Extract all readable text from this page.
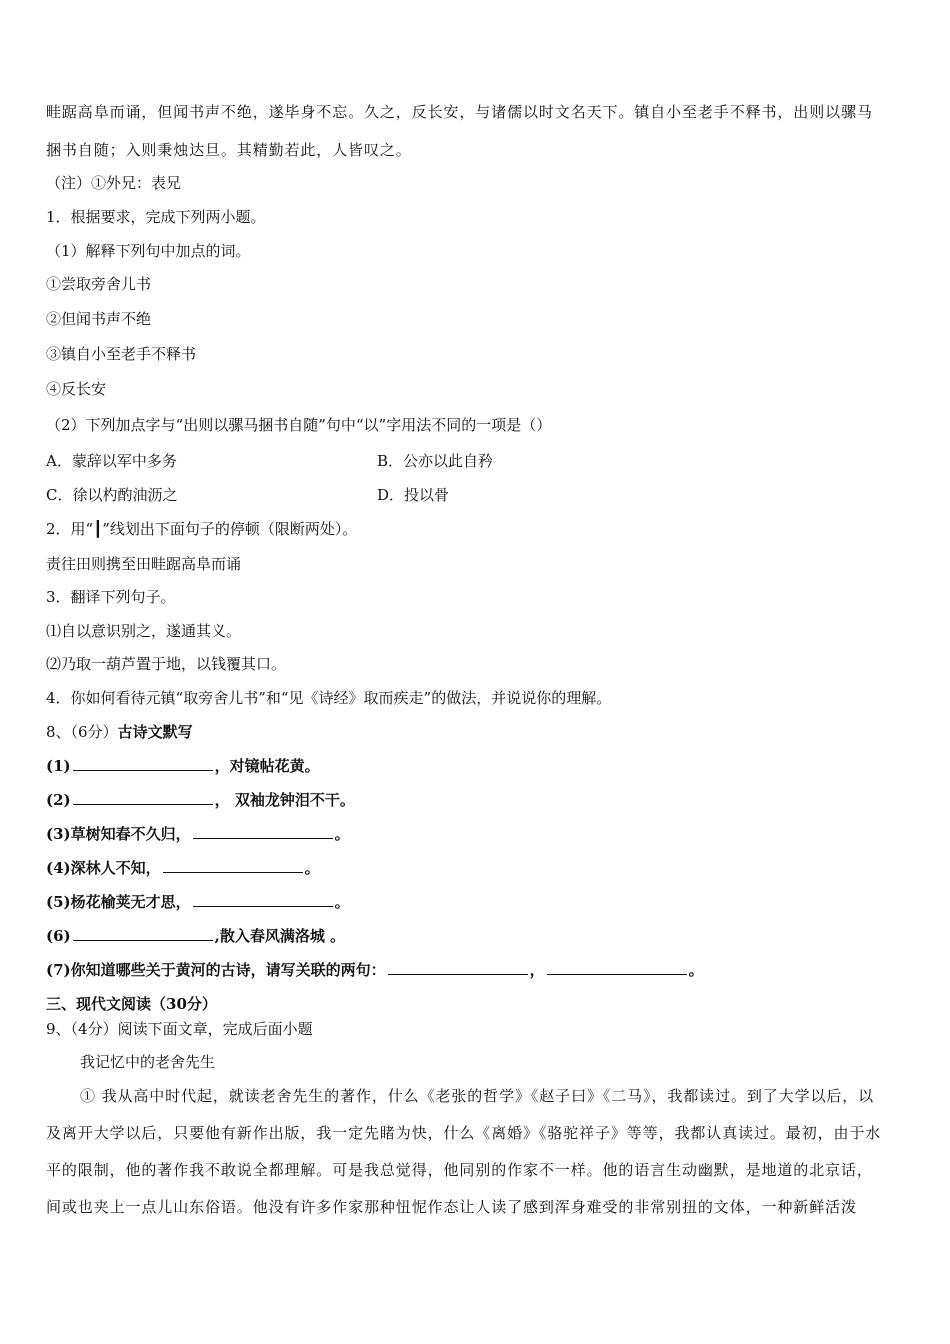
畦踞高阜而诵，但闻书声不绝，遂毕身不忘。久之，反长安，与诸儒以时文名天下。镇自小至老手不释书，出则以骡马
捆书自随；入则秉烛达旦。其精勤若此，人皆叹之。
（注）①外兄：表兄
1．根据要求，完成下列两小题。
（1）解释下列句中加点的词。
①尝取旁舍儿书
②但闻书声不绝
③镇自小至老手不释书
④反长安
（2）下列加点字与“出则以骡马捆书自随”句中“以”字用法不同的一项是（）
A．蒙辞以军中多务	B．公亦以此自矜
C．徐以杓酌油沥之	D．投以骨
2．用“┃”线划出下面句子的停顿（限断两处）。
责往田则携至田畦踞高阜而诵
3．翻译下列句子。
⑴自以意识别之，遂通其义。
⑵乃取一葫芦置于地，以钱覆其口。
4．你如何看待元镇“取旁舍儿书”和“见《诗经》取而疾走”的做法，并说说你的理解。
8、（6分）古诗文默写
(1)	，对镜帖花黄。
(2)	， 双袖龙钟泪不干。
(3)草树知春不久归，	。
(4)深林人不知，	。
(5)杨花榆荚无才思，	。
(6)	,散入春风满洛城 。
(7)你知道哪些关于黄河的古诗，请写关联的两句：	，	。
三、现代文阅读（30分）
9、（4分）阅读下面文章，完成后面小题
我记忆中的老舍先生
① 我从高中时代起，就读老舍先生的著作，什么《老张的哲学》《赵子曰》《二马》，我都读过。到了大学以后，以
及离开大学以后，只要他有新作出版，我一定先睹为快，什么《离婚》《骆驼祥子》等等，我都认真读过。最初，由于水
平的限制，他的著作我不敢说全都理解。可是我总觉得，他同别的作家不一样。他的语言生动幽默，是地道的北京话，
间或也夹上一点儿山东俗语。他没有许多作家那种忸怩作态让人读了感到浑身难受的非常别扭的文体，一种新鲜活泼
